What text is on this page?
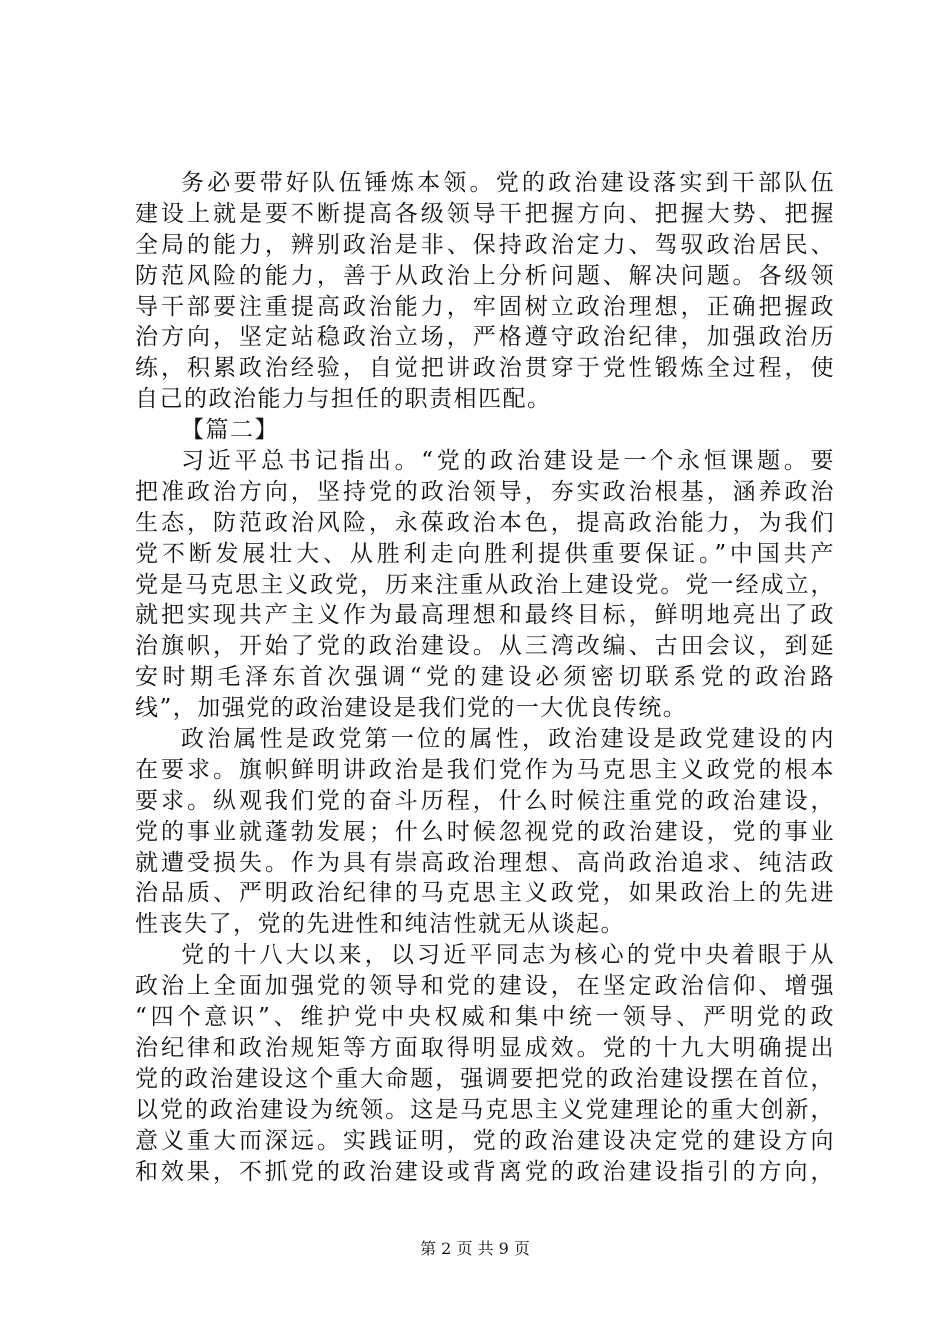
务必要带好队伍锤炼本领。党的政治建设落实到干部队伍
建设上就是要不断提高各级领导干把握方向、把握大势、把握
全局的能力，辨别政治是非、保持政治定力、驾驭政治居民、
防范风险的能力，善于从政治上分析问题、解决问题。各级领
导干部要注重提高政治能力，牢固树立政治理想，正确把握政
治方向，坚定站稳政治立场，严格遵守政治纪律，加强政治历
练，积累政治经验，自觉把讲政治贯穿于党性锻炼全过程，使
自己的政治能力与担任的职责相匹配。
【篇二】
习近平总书记指出。“党的政治建设是一个永恒课题。要
把准政治方向，坚持党的政治领导，夯实政治根基，涵养政治
生态，防范政治风险，永葆政治本色，提高政治能力，为我们
党不断发展壮大、从胜利走向胜利提供重要保证。”中国共产
党是马克思主义政党，历来注重从政治上建设党。党一经成立，
就把实现共产主义作为最高理想和最终目标，鲜明地亮出了政
治旗帜，开始了党的政治建设。从三湾改编、古田会议，到延
安时期毛泽东首次强调“党的建设必须密切联系党的政治路
线”，加强党的政治建设是我们党的一大优良传统。
政治属性是政党第一位的属性，政治建设是政党建设的内
在要求。旗帜鲜明讲政治是我们党作为马克思主义政党的根本
要求。纵观我们党的奋斗历程，什么时候注重党的政治建设，
党的事业就蓬勃发展；什么时候忽视党的政治建设，党的事业
就遭受损失。作为具有崇高政治理想、高尚政治追求、纯洁政
治品质、严明政治纪律的马克思主义政党，如果政治上的先进
性丧失了，党的先进性和纯洁性就无从谈起。
党的十八大以来，以习近平同志为核心的党中央着眼于从
政治上全面加强党的领导和党的建设，在坚定政治信仰、增强
“四个意识”、维护党中央权威和集中统一领导、严明党的政
治纪律和政治规矩等方面取得明显成效。党的十九大明确提出
党的政治建设这个重大命题，强调要把党的政治建设摆在首位，
以党的政治建设为统领。这是马克思主义党建理论的重大创新，
意义重大而深远。实践证明，党的政治建设决定党的建设方向
和效果，不抓党的政治建设或背离党的政治建设指引的方向，
第 2 页 共 9 页
